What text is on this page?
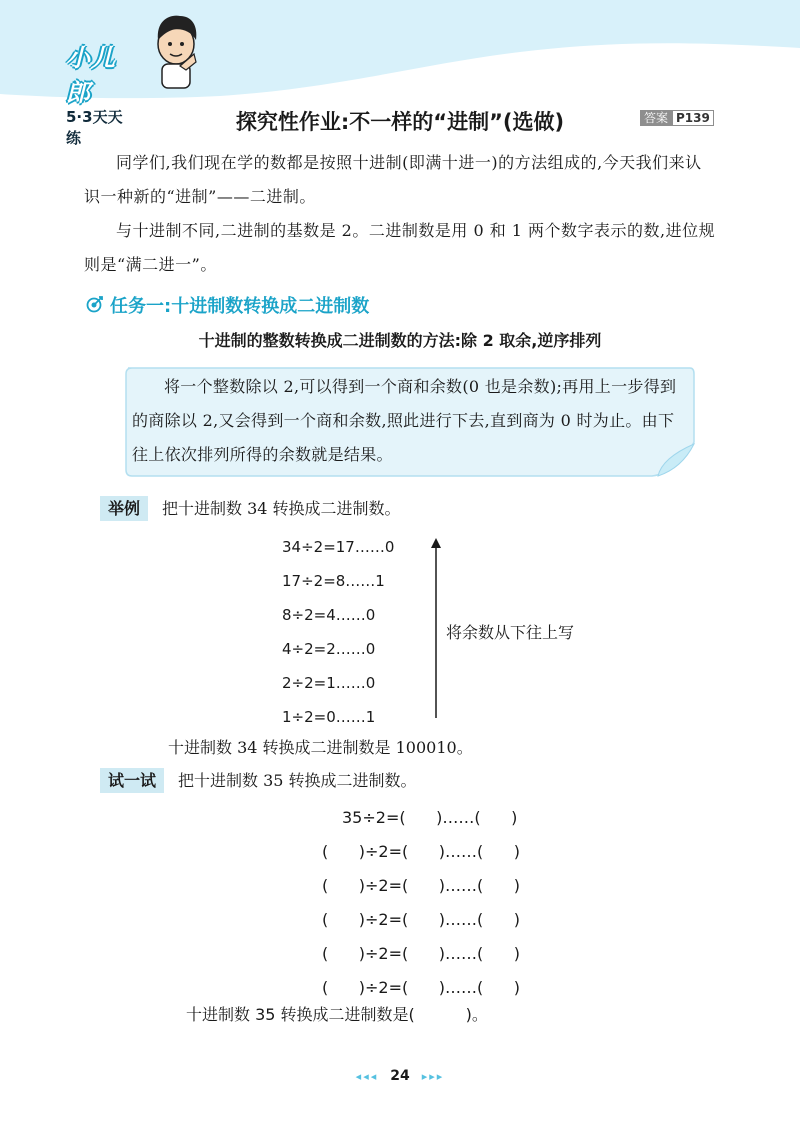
小儿郎
5·3天天练
探究性作业:不一样的“进制”(选做)	答案 P139
同学们,我们现在学的数都是按照十进制(即满十进一)的方法组成的,今天我们来认识一种新的“进制”——二进制。
与十进制不同,二进制的基数是 2。二进制数是用 0 和 1 两个数字表示的数,进位规则是“满二进一”。
任务一:十进制数转换成二进制数
十进制的整数转换成二进制数的方法:除 2 取余,逆序排列
将一个整数除以 2,可以得到一个商和余数(0 也是余数);再用上一步得到的商除以 2,又会得到一个商和余数,照此进行下去,直到商为 0 时为止。由下往上依次排列所得的余数就是结果。
举例 把十进制数 34 转换成二进制数。
34÷2=17……0
17÷2=8……1
8÷2=4……0
4÷2=2……0
2÷2=1……0
1÷2=0……1
将余数从下往上写
十进制数 34 转换成二进制数是 100010。
试一试 把十进制数 35 转换成二进制数。
35÷2=(      )……(      )
(      )÷2=(      )……(      )
(      )÷2=(      )……(      )
(      )÷2=(      )……(      )
(      )÷2=(      )……(      )
(      )÷2=(      )……(      )
十进制数 35 转换成二进制数是(          )。
◂◂◂ 24 ▸▸▸
